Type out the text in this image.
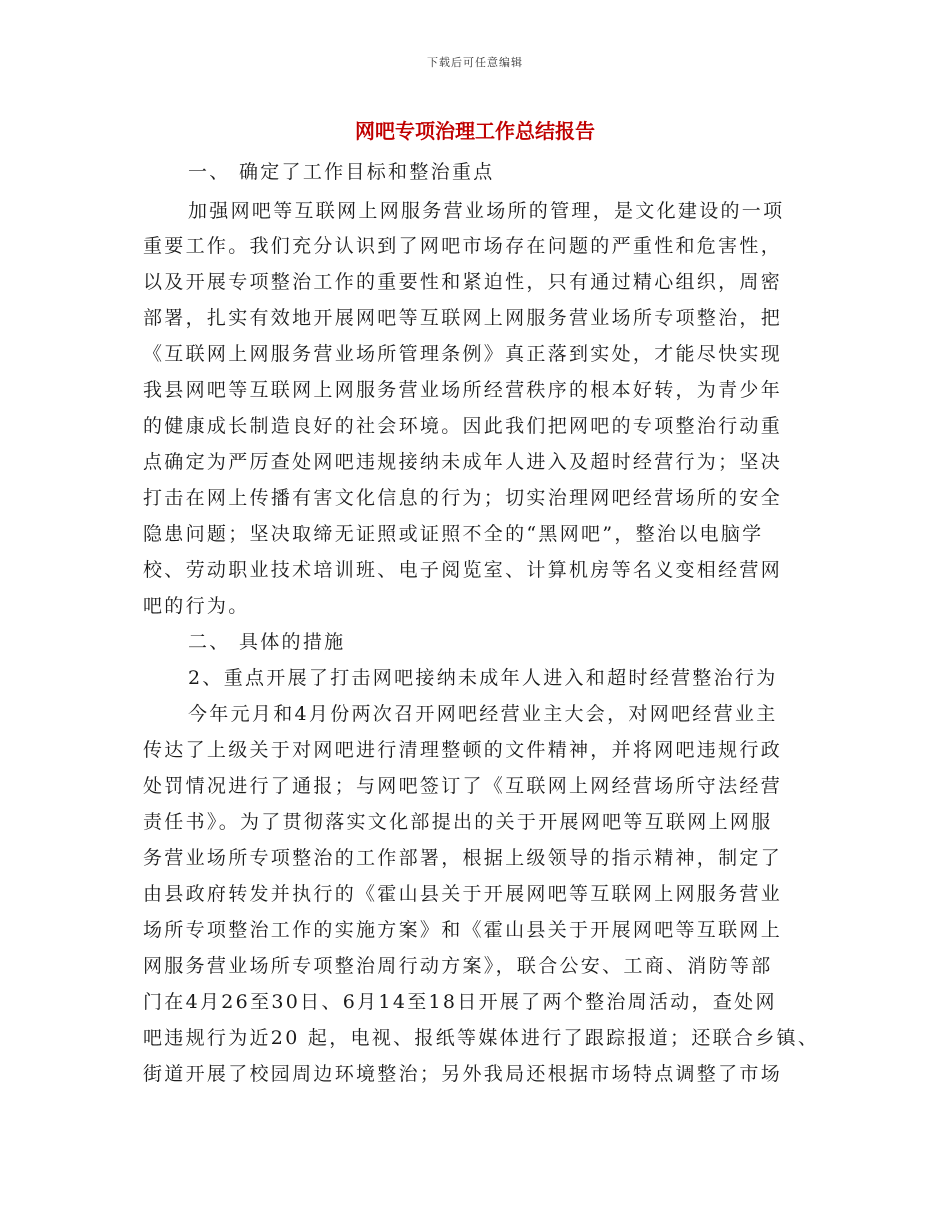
下载后可任意编辑
网吧专项治理工作总结报告
一、 确定了工作目标和整治重点
加强网吧等互联网上网服务营业场所的管理，是文化建设的一项
重要工作。我们充分认识到了网吧市场存在问题的严重性和危害性，
以及开展专项整治工作的重要性和紧迫性，只有通过精心组织，周密
部署，扎实有效地开展网吧等互联网上网服务营业场所专项整治，把
《互联网上网服务营业场所管理条例》真正落到实处，才能尽快实现
我县网吧等互联网上网服务营业场所经营秩序的根本好转，为青少年
的健康成长制造良好的社会环境。因此我们把网吧的专项整治行动重
点确定为严厉查处网吧违规接纳未成年人进入及超时经营行为；坚决
打击在网上传播有害文化信息的行为；切实治理网吧经营场所的安全
隐患问题；坚决取缔无证照或证照不全的“黑网吧”，整治以电脑学
校、劳动职业技术培训班、电子阅览室、计算机房等名义变相经营网
吧的行为。
二、 具体的措施
2、重点开展了打击网吧接纳未成年人进入和超时经营整治行为
今年元月和4月份两次召开网吧经营业主大会，对网吧经营业主
传达了上级关于对网吧进行清理整顿的文件精神，并将网吧违规行政
处罚情况进行了通报；与网吧签订了《互联网上网经营场所守法经营
责任书》。为了贯彻落实文化部提出的关于开展网吧等互联网上网服
务营业场所专项整治的工作部署，根据上级领导的指示精神，制定了
由县政府转发并执行的《霍山县关于开展网吧等互联网上网服务营业
场所专项整治工作的实施方案》和《霍山县关于开展网吧等互联网上
网服务营业场所专项整治周行动方案》，联合公安、工商、消防等部
门在4月26至30日、6月14至18日开展了两个整治周活动，查处网
吧违规行为近20 起，电视、报纸等媒体进行了跟踪报道；还联合乡镇、
街道开展了校园周边环境整治；另外我局还根据市场特点调整了市场
